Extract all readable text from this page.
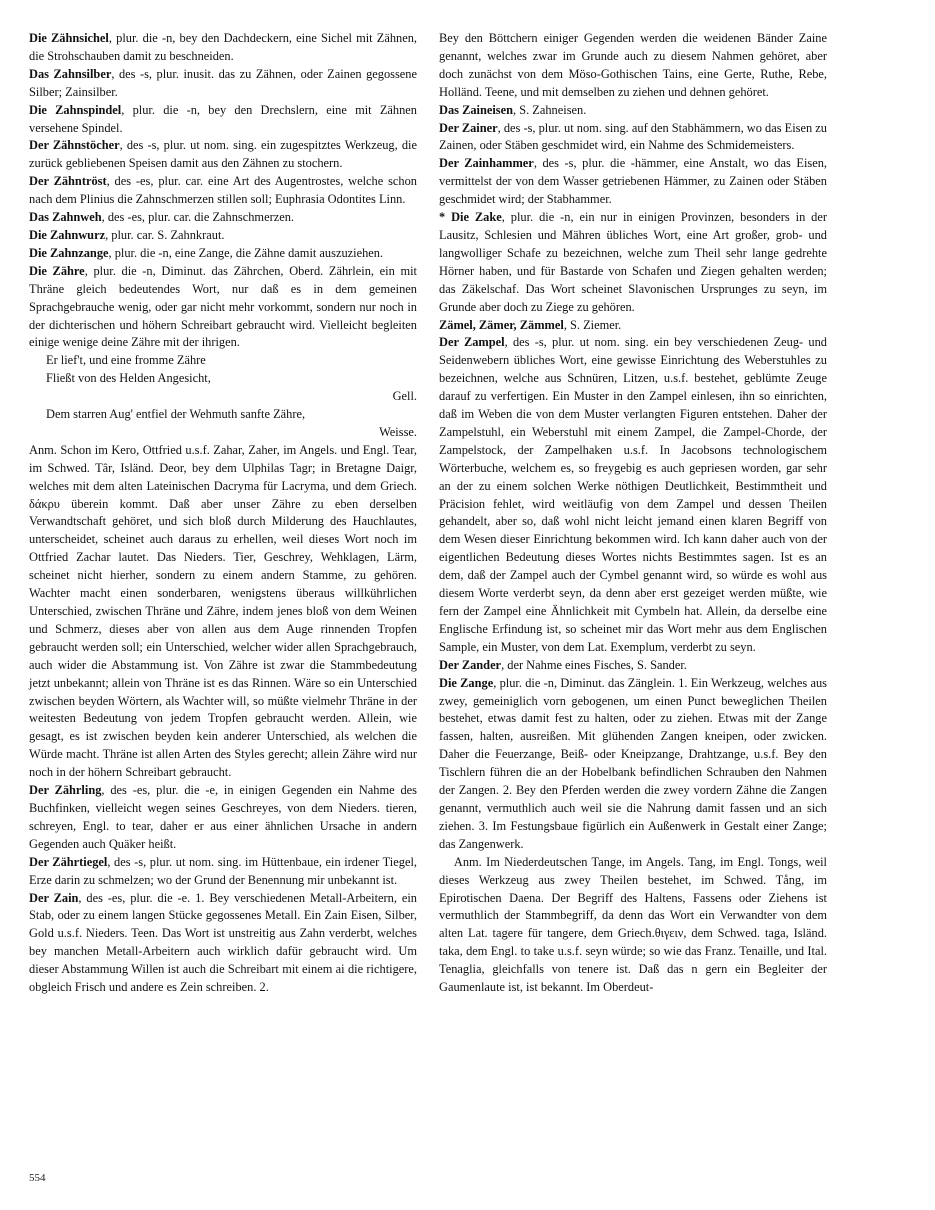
Die Zähnsichel, plur. die -n, bey den Dachdeckern, eine Sichel mit Zähnen, die Strohschauben damit zu beschneiden.

Das Zahnsilber, des -s, plur. inusit. das zu Zähnen, oder Zainen gegossene Silber; Zainsilber.

Die Zahnspindel, plur. die -n, bey den Drechslern, eine mit Zähnen versehene Spindel.

Der Zähnstöcher, des -s, plur. ut nom. sing. ein zugespitztes Werkzeug, die zurück gebliebenen Speisen damit aus den Zähnen zu stochern.

Der Zähntröst, des -es, plur. car. eine Art des Augentrostes, welche schon nach dem Plinius die Zahnschmerzen stillen soll; Euphrasia Odontites Linn.

Das Zahnweh, des -es, plur. car. die Zahnschmerzen.

Die Zahnwurz, plur. car. S. Zahnkraut.

Die Zahnzange, plur. die -n, eine Zange, die Zähne damit auszuziehen.

Die Zähre, plur. die -n, Diminut. das Zährchen, Oberd. Zährlein, ein mit Thräne gleich bedeutendes Wort, nur daß es in dem gemeinen Sprachgebrauche wenig, oder gar nicht mehr vorkommt, sondern nur noch in der dichterischen und höhern Schreibart gebraucht wird. Vielleicht begleiten einige wenige deine Zähre mit der ihrigen.

Er lief't, und eine fromme Zähre

Fließt von des Helden Angesicht,

Gell.

Dem starren Aug' entfiel der Wehmuth sanfte Zähre,

Weisse.

Anm. Schon im Kero, Ottfried u.s.f. Zahar, Zaher, im Angels. und Engl. Tear, im Schwed. Târ, Isländ. Deor, bey dem Ulphilas Tagr; in Bretagne Daigr, welches mit dem alten Lateinischen Dacryma für Lacryma, und dem Griech. δάκρυ überein kommt. Daß aber unser Zähre zu eben derselben Verwandtschaft gehöret, und sich bloß durch Milderung des Hauchlautes, unterscheidet, scheinet auch daraus zu erhellen, weil dieses Wort noch im Ottfried Zachar lautet. Das Nieders. Tier, Geschrey, Wehklagen, Lärm, scheinet nicht hierher, sondern zu einem andern Stamme, zu gehören. Wachter macht einen sonderbaren, wenigstens überaus willkührlichen Unterschied, zwischen Thräne und Zähre, indem jenes bloß von dem Weinen und Schmerz, dieses aber von allen aus dem Auge rinnenden Tropfen gebraucht werden soll; ein Unterschied, welcher wider allen Sprachgebrauch, auch wider die Abstammung ist. Von Zähre ist zwar die Stammbedeutung jetzt unbekannt; allein von Thräne ist es das Rinnen. Wäre so ein Unterschied zwischen beyden Wörtern, als Wachter will, so müßte vielmehr Thräne in der weitesten Bedeutung von jedem Tropfen gebraucht werden. Allein, wie gesagt, es ist zwischen beyden kein anderer Unterschied, als welchen die Würde macht. Thräne ist allen Arten des Styles gerecht; allein Zähre wird nur noch in der höhern Schreibart gebraucht.

Der Zährling, des -es, plur. die -e, in einigen Gegenden ein Nahme des Buchfinken, vielleicht wegen seines Geschreyes, von dem Nieders. tieren, schreyen, Engl. to tear, daher er aus einer ähnlichen Ursache in andern Gegenden auch Quäker heißt.

Der Zährtiegel, des -s, plur. ut nom. sing. im Hüttenbaue, ein irdener Tiegel, Erze darin zu schmelzen; wo der Grund der Benennung mir unbekannt ist.

Der Zain, des -es, plur. die -e. 1. Bey verschiedenen Metall-Arbeitern, ein Stab, oder zu einem langen Stücke gegossenes Metall. Ein Zain Eisen, Silber, Gold u.s.f. Nieders. Teen. Das Wort ist unstreitig aus Zahn verderbt, welches bey manchen Metall-Arbeitern auch wirklich dafür gebraucht wird. Um dieser Abstammung Willen ist auch die Schreibart mit einem ai die richtigere, obgleich Frisch und andere es Zein schreiben. 2.

Bey den Böttchern einiger Gegenden werden die weidenen Bänder Zaine genannt, welches zwar im Grunde auch zu diesem Nahmen gehöret, aber doch zunächst von dem Möso-Gothischen Tains, eine Gerte, Ruthe, Rebe, Holländ. Teene, und mit demselben zu ziehen und dehnen gehöret.

Das Zaineisen, S. Zahneisen.

Der Zainer, des -s, plur. ut nom. sing. auf den Stabhämmern, wo das Eisen zu Zainen, oder Stäben geschmidet wird, ein Nahme des Schmidemeisters.

Der Zainhammer, des -s, plur. die -hämmer, eine Anstalt, wo das Eisen, vermittelst der von dem Wasser getriebenen Hämmer, zu Zainen oder Stäben geschmidet wird; der Stabhammer.

* Die Zake, plur. die -n, ein nur in einigen Provinzen, besonders in der Lausitz, Schlesien und Mähren übliches Wort, eine Art großer, grob- und langwolliger Schafe zu bezeichnen, welche zum Theil sehr lange gedrehte Hörner haben, und für Bastarde von Schafen und Ziegen gehalten werden; das Zäkelschaf. Das Wort scheinet Slavonischen Ursprunges zu seyn, im Grunde aber doch zu Ziege zu gehören.

Zämel, Zämer, Zämmel, S. Ziemer.

Der Zampel, des -s, plur. ut nom. sing. ein bey verschiedenen Zeug- und Seidenwebern übliches Wort, eine gewisse Einrichtung des Weberstuhles zu bezeichnen, welche aus Schnüren, Litzen, u.s.f. bestehet, geblümte Zeuge darauf zu verfertigen. Ein Muster in den Zampel einlesen, ihn so einrichten, daß im Weben die von dem Muster verlangten Figuren entstehen. Daher der Zampelstuhl, ein Weberstuhl mit einem Zampel, die Zampel-Chorde, der Zampelstock, der Zampelhaken u.s.f. In Jacobsons technologischem Wörterbuche, welchem es, so freygebig es auch gepriesen worden, gar sehr an der zu einem solchen Werke nöthigen Deutlichkeit, Bestimmtheit und Präcision fehlet, wird weitläufig von dem Zampel und dessen Theilen gehandelt, aber so, daß wohl nicht leicht jemand einen klaren Begriff von dem Wesen dieser Einrichtung bekommen wird. Ich kann daher auch von der eigentlichen Bedeutung dieses Wortes nichts Bestimmtes sagen. Ist es an dem, daß der Zampel auch der Cymbel genannt wird, so würde es wohl aus diesem Worte verderbt seyn, da denn aber erst gezeiget werden müßte, wie fern der Zampel eine Ähnlichkeit mit Cymbeln hat. Allein, da derselbe eine Englische Erfindung ist, so scheinet mir das Wort mehr aus dem Englischen Sample, ein Muster, von dem Lat. Exemplum, verderbt zu seyn.

Der Zander, der Nahme eines Fisches, S. Sander.

Die Zange, plur. die -n, Diminut. das Zänglein. 1. Ein Werkzeug, welches aus zwey, gemeiniglich vorn gebogenen, um einen Punct beweglichen Theilen bestehet, etwas damit fest zu halten, oder zu ziehen. Etwas mit der Zange fassen, halten, ausreißen. Mit glühenden Zangen kneipen, oder zwicken. Daher die Feuerzange, Beiß- oder Kneipzange, Drahtzange, u.s.f. Bey den Tischlern führen die an der Hobelbank befindlichen Schrauben den Nahmen der Zangen. 2. Bey den Pferden werden die zwey vordern Zähne die Zangen genannt, vermuthlich auch weil sie die Nahrung damit fassen und an sich ziehen. 3. Im Festungsbaue figürlich ein Außenwerk in Gestalt einer Zange; das Zangenwerk.

Anm. Im Niederdeutschen Tange, im Angels. Tang, im Engl. Tongs, weil dieses Werkzeug aus zwey Theilen bestehet, im Schwed. Tång, im Epirotischen Daena. Der Begriff des Haltens, Fassens oder Ziehens ist vermuthlich der Stammbegriff, da denn das Wort ein Verwandter von dem alten Lat. tagere für tangere, dem Griech.θιγειν, dem Schwed. taga, Isländ. taka, dem Engl. to take u.s.f. seyn würde; so wie das Franz. Tenaille, und Ital. Tenaglia, gleichfalls von tenere ist. Daß das n gern ein Begleiter der Gaumenlaute ist, ist bekannt. Im Oberdeut-

554
